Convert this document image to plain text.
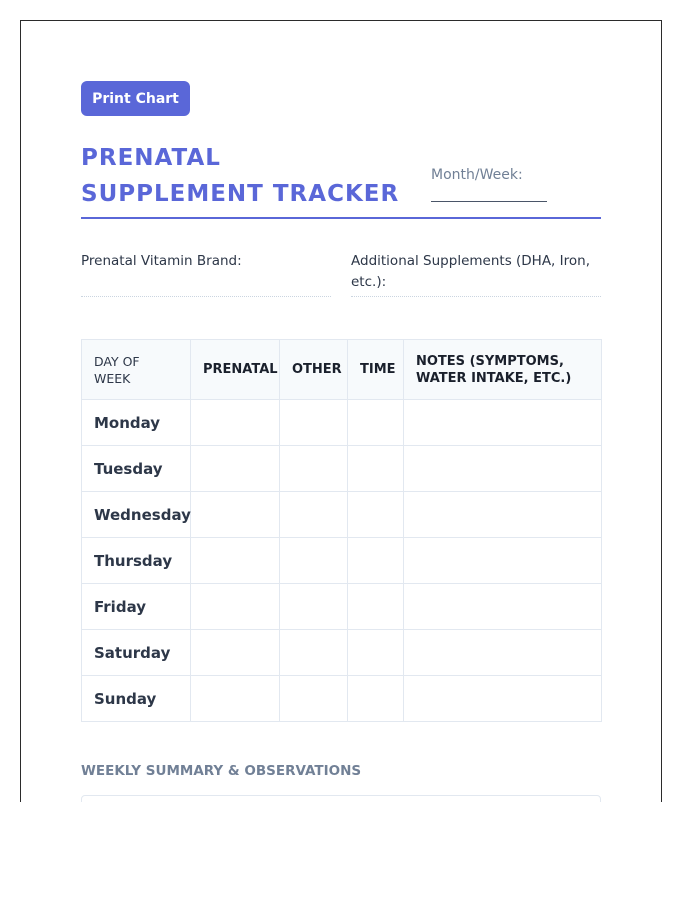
Print Chart
PRENATAL SUPPLEMENT TRACKER
Month/Week:
Prenatal Vitamin Brand:	Additional Supplements (DHA, Iron, etc.):
DAY OF WEEK	PRENATAL	OTHER	TIME	NOTES (SYMPTOMS, WATER INTAKE, ETC.)
Monday				
Tuesday				
Wednesday				
Thursday				
Friday				
Saturday				
Sunday				
WEEKLY SUMMARY & OBSERVATIONS
